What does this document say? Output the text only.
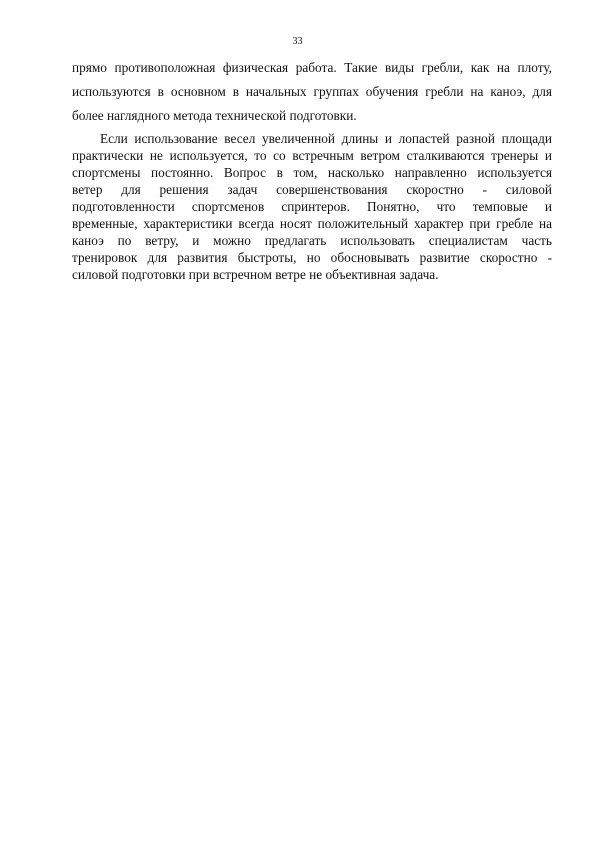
33
прямо противоположная физическая работа. Такие виды гребли, как на плоту,
используются в основном в начальных группах обучения гребли на каноэ, для
более наглядного метода технической подготовки.
Если использование весел увеличенной длины и лопастей разной площади
практически не используется, то со встречным ветром сталкиваются тренеры и
спортсмены постоянно. Вопрос в том, насколько направленно используется
ветер для решения задач совершенствования скоростно - силовой
подготовленности спортсменов спринтеров. Понятно, что темповые и
временные, характеристики всегда носят положительный характер при гребле на
каноэ по ветру, и можно предлагать использовать специалистам часть
тренировок для развития быстроты, но обосновывать развитие скоростно -
силовой подготовки при встречном ветре не объективная задача.
